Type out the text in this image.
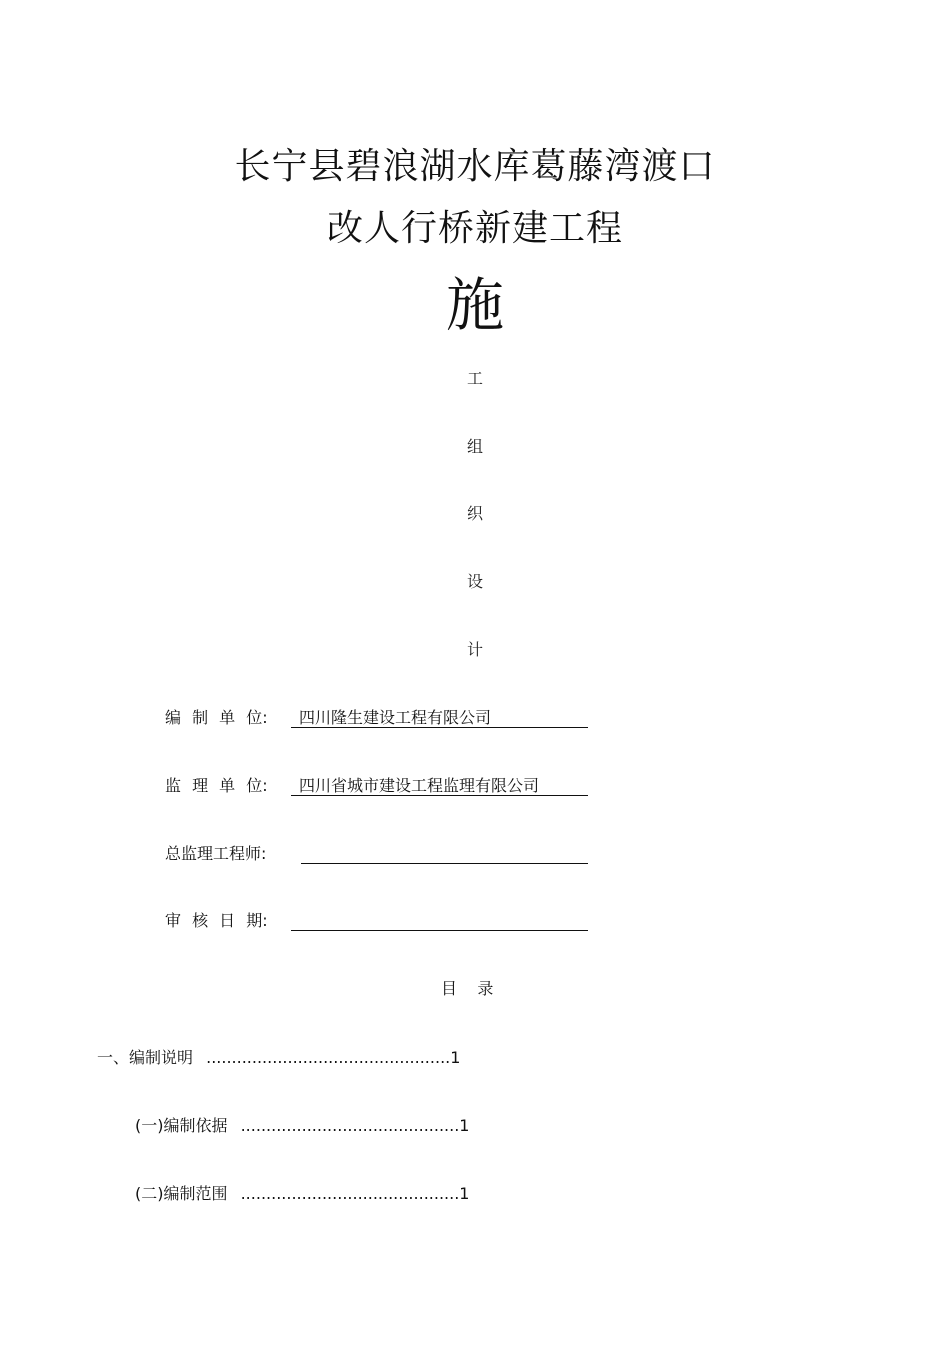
长宁县碧浪湖水库葛藤湾渡口
改人行桥新建工程
施
工
组
织
设
计
编 制 单 位:	四川隆生建设工程有限公司
监 理 单 位:	四川省城市建设工程监理有限公司
总监理工程师:
审 核 日 期:
目    录
一、编制说明 ................................................1
(一)编制依据 ...........................................1
(二)编制范围 ...........................................1
